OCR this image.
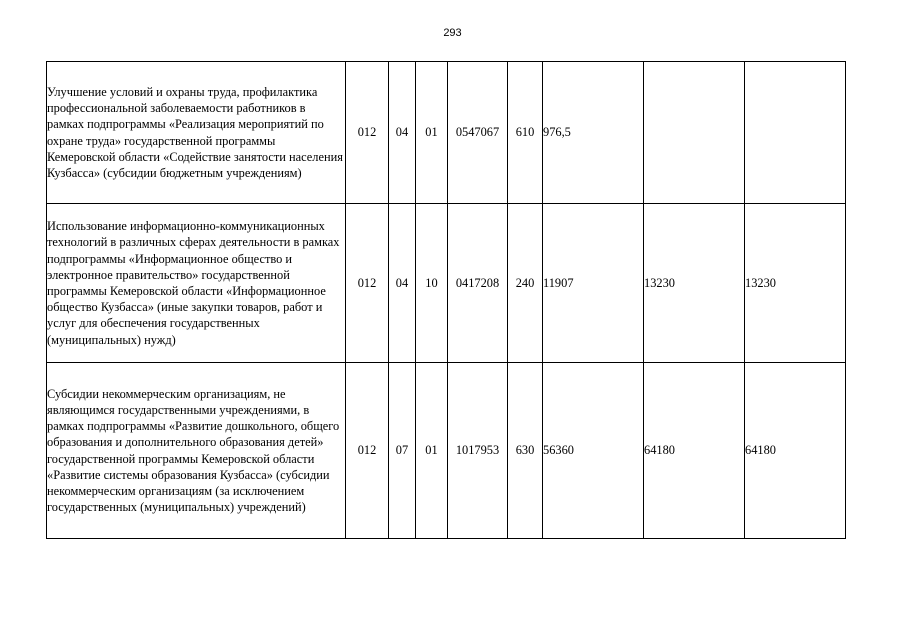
293
Улучшение условий и охраны труда, профилактика профессиональной заболеваемости работников в рамках подпрограммы «Реализация мероприятий по охране труда» государственной программы Кемеровской области «Содействие занятости населения Кузбасса» (субсидии бюджетным учреждениям)	012	04	01	0547067	610	976,5		
Использование информационно-коммуникационных технологий в различных сферах деятельности в рамках подпрограммы «Информационное общество и электронное правительство» государственной программы Кемеровской области «Информационное общество Кузбасса» (иные закупки товаров, работ и услуг для обеспечения государственных (муниципальных) нужд)	012	04	10	0417208	240	11907	13230	13230
Субсидии некоммерческим организациям, не являющимся государственными учреждениями, в рамках подпрограммы «Развитие дошкольного, общего образования и дополнительного образования детей» государственной программы Кемеровской области «Развитие системы образования Кузбасса» (субсидии некоммерческим организациям (за исключением государственных (муниципальных) учреждений)	012	07	01	1017953	630	56360	64180	64180
